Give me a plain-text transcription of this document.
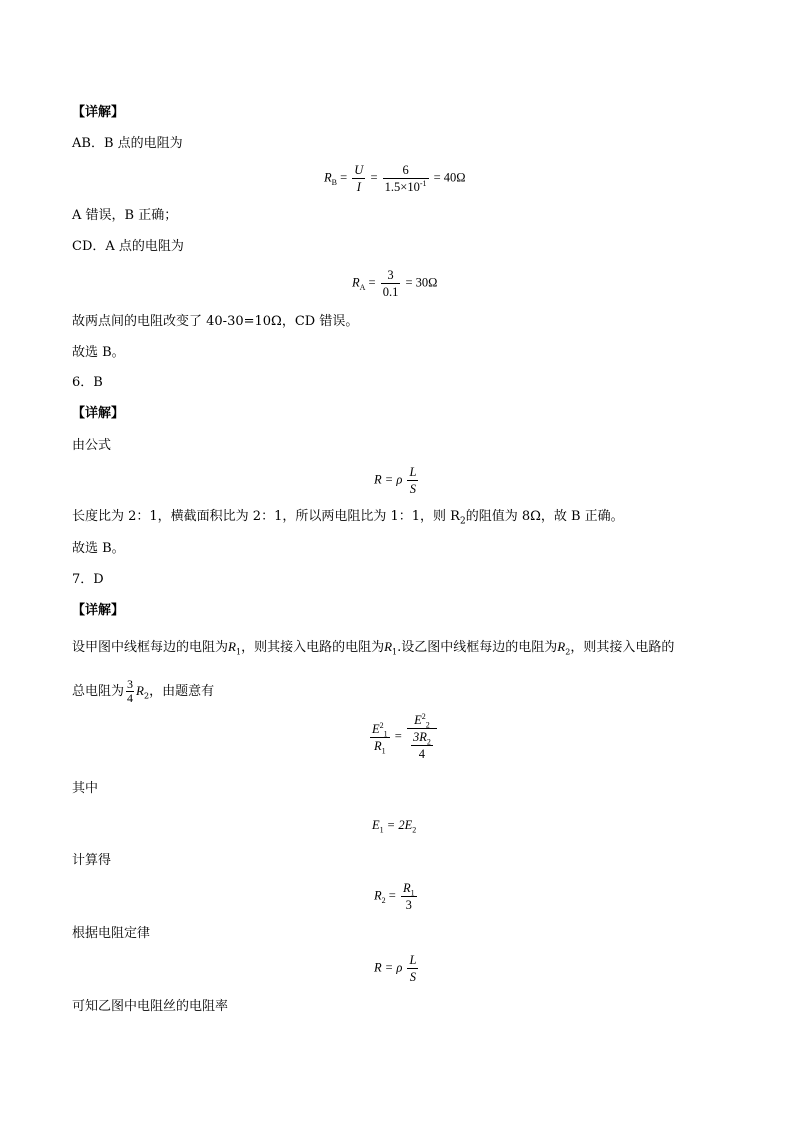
【详解】
AB．B 点的电阻为
$R_B = \frac{U}{I} = \frac{6}{1.5\times 10^{-1}} = 40\Omega$
A 错误，B 正确；
CD．A 点的电阻为
$R_A = \frac{3}{0.1} = 30\Omega$
故两点间的电阻改变了 40-30=10Ω，CD 错误。
故选 B。
6．B
【详解】
由公式
R = ρ $\frac{L}{S}$
长度比为 2：1，横截面积比为 2：1，所以两电阻比为 1：1，则 $R_2$的阻值为 8Ω，故 B 正确。
故选 B。
7．D
【详解】
设甲图中线框每边的电阻为$R_1$，则其接入电路的电阻为$R_1$.设乙图中线框每边的电阻为$R_2$，则其接入电路的
总电阻为 $\frac{3}{4} R_2$，由题意有
$\frac{E^2_1}{R_1} = \frac{E^2_2}{\frac{3R_2}{4}}$
其中
$E_1 = 2E_2$
计算得
$R_2 = \frac{R_1}{3}$
根据电阻定律
R = ρ $\frac{L}{S}$
可知乙图中电阻丝的电阻率
